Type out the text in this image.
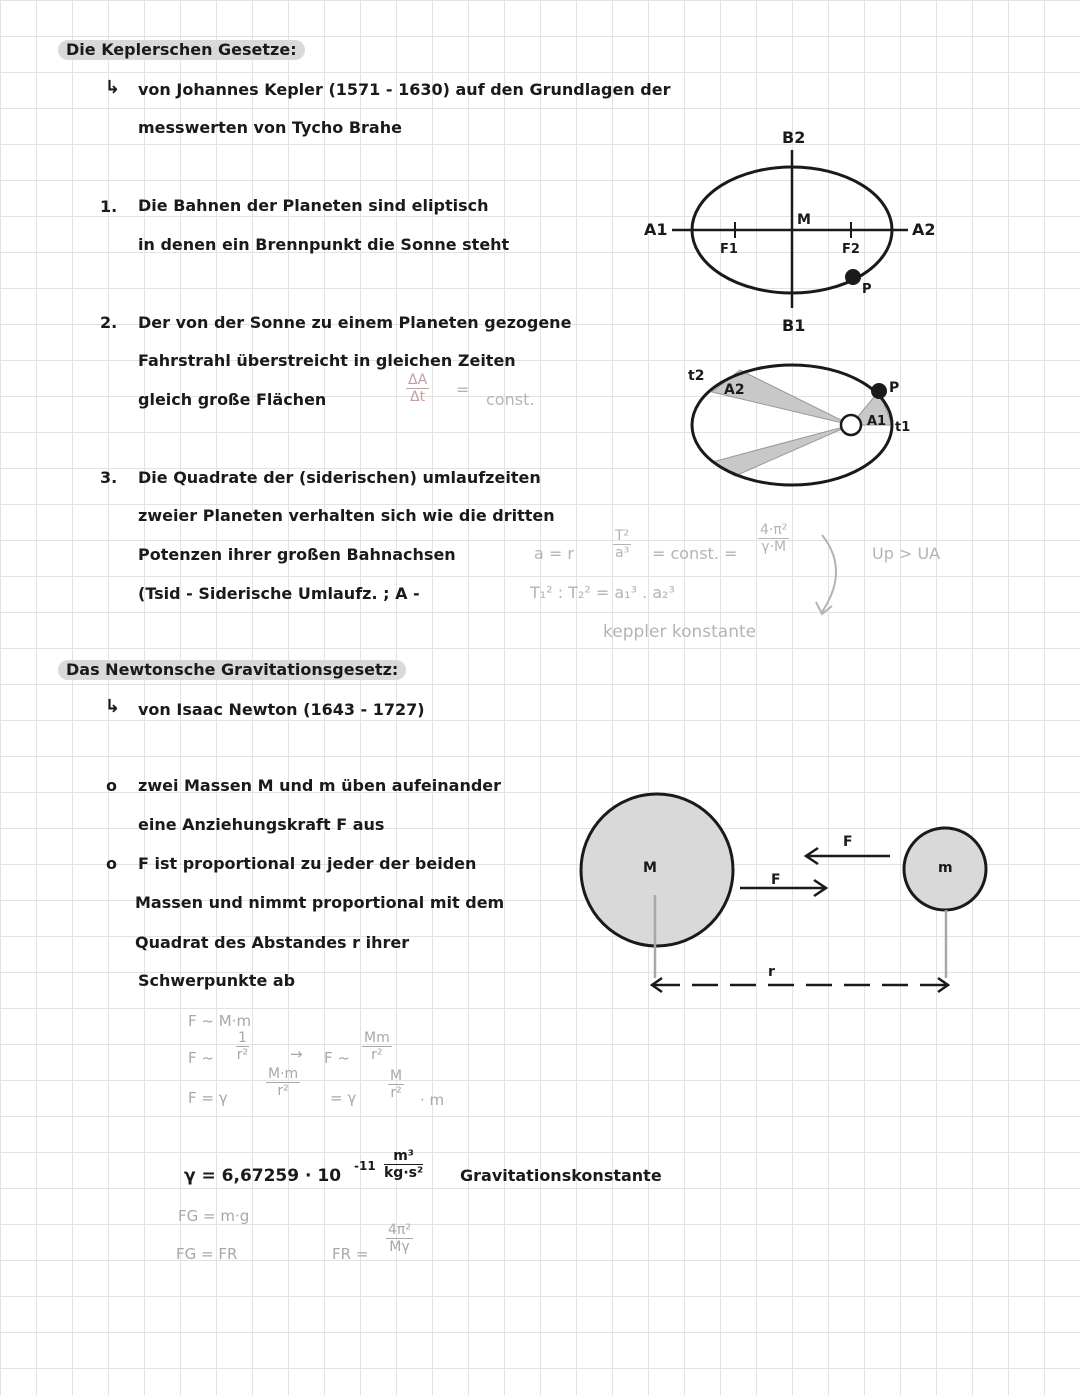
Die Keplerschen Gesetze:
↳ von Johannes Kepler (1571 - 1630) auf den Grundlagen der
messwerten von Tycho Brahe
1. Die Bahnen der Planeten sind eliptisch
in denen ein Brennpunkt die Sonne steht
B2
B1
A1	A2
M
F1	F2
P
2. Der von der Sonne zu einem Planeten gezogene
Fahrstrahl überstreicht in gleichen Zeiten
gleich große Flächen	$\frac{\Delta A}{\Delta t}$ =
const.
t2
A2	P
A1 t1
3. Die Quadrate der (siderischen) umlaufzeiten
zweier Planeten verhalten sich wie die dritten
Potenzen ihrer großen Bahnachsen
(Tsid - Siderische Umlaufz. ; A -
a = r	$\frac{\text{T²}}{\text{a³}}$ = const. = $\frac{\text{4·π²}}{\gamma\cdot M}$
T₁² : T₂² = a₁³ . a₂³
keppler konstante
Up > UA
Das Newtonsche Gravitationsgesetz:
↳ von Isaac Newton (1643 - 1727)
o zwei Massen M und m üben aufeinander
eine Anziehungskraft F aus
o F ist proportional zu jeder der beiden
Massen und nimmt proportional mit dem
Quadrat des Abstandes r ihrer
Schwerpunkte ab
M	m
F
F
r
F ~ M·m
F ~ $\frac{1}{\text{r²}}$	→ F ~ $\frac{Mm}{\text{r²}}$
F = γ	$\frac{M\cdot m}{\text{r²}} = \gamma \frac{M}{\text{r²}} \cdot m$
γ = 6,67259 · 10 $-11 \frac{\text{m³}}{\text{kg·s²}}$ Gravitationskonstante
FG = m·g
FG = FR	FR = $\frac{\text{4π²}}{M\gamma}$
